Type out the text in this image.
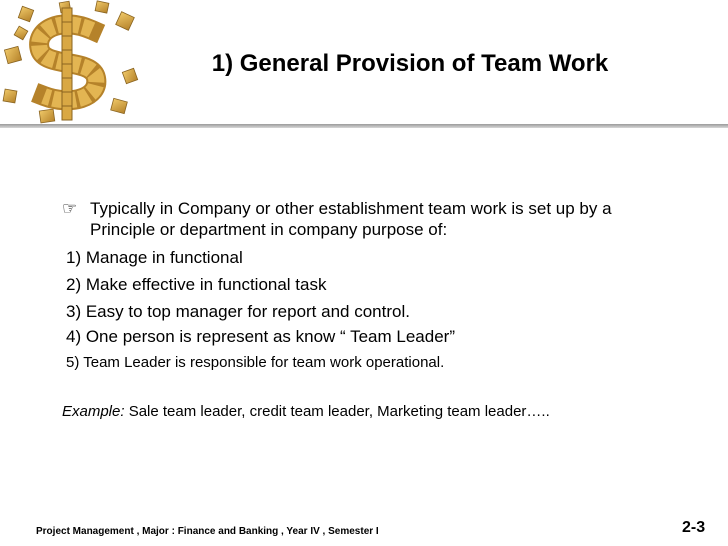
1) General Provision of Team Work
☞ Typically in Company or other establishment team work is set up by a Principle or department in company purpose of:
1) Manage in functional
2) Make effective in functional task
3) Easy to top manager for report and control.
4) One person is represent as know “ Team Leader”
5) Team Leader is responsible for team work operational.
Example: Sale team leader, credit team leader, Marketing team leader…..
Project Management , Major : Finance and Banking , Year IV , Semester I	2-3
